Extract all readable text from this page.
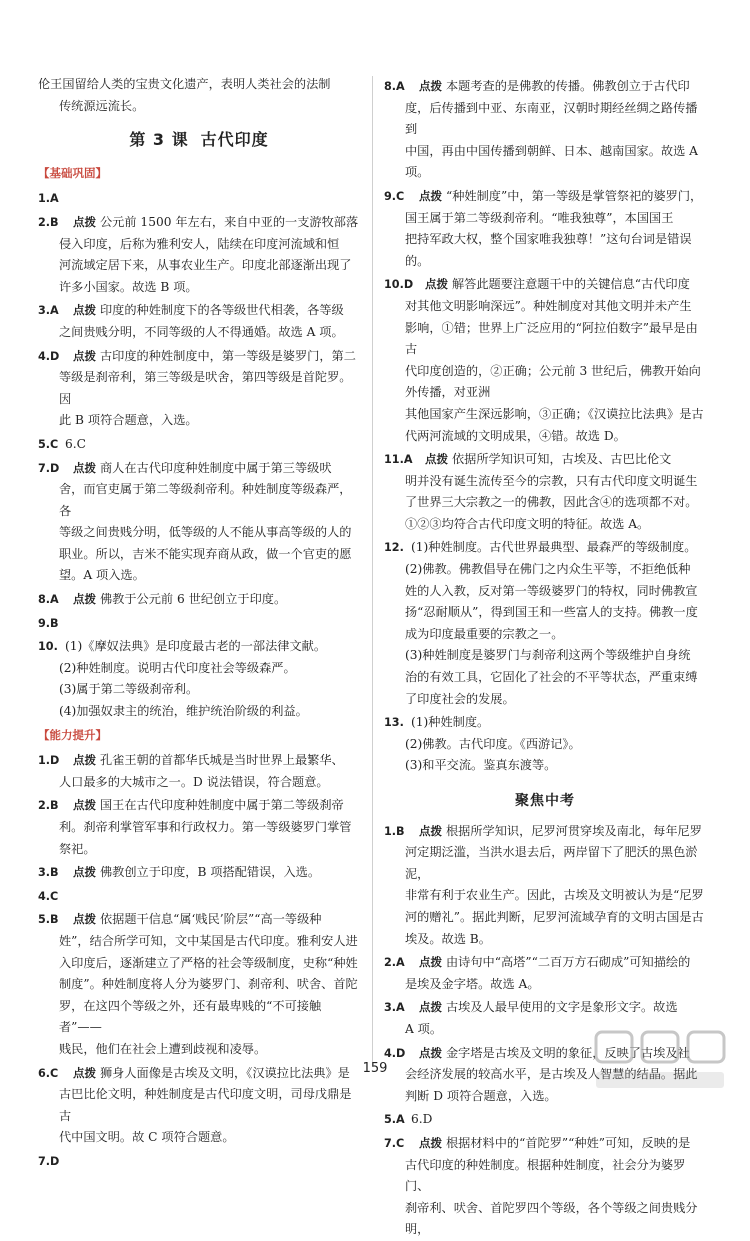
伦王国留给人类的宝贵文化遗产，表明人类社会的法制

传统源远流长。

第 3 课 古代印度
【基础巩固】

1.A

2.B 点拨 公元前 1500 年左右，来自中亚的一支游牧部落

侵入印度，后称为雅利安人，陆续在印度河流域和恒

河流域定居下来，从事农业生产。印度北部逐渐出现了

许多小国家。故选 B 项。

3.A 点拨 印度的种姓制度下的各等级世代相袭，各等级

之间贵贱分明，不同等级的人不得通婚。故选 A 项。

4.D 点拨 古印度的种姓制度中，第一等级是婆罗门，第二

等级是刹帝利，第三等级是吠舍，第四等级是首陀罗。因

此 B 项符合题意，入选。

5.C 6.C

7.D 点拨 商人在古代印度种姓制度中属于第三等级吠

舍，而官吏属于第二等级刹帝利。种姓制度等级森严，各

等级之间贵贱分明，低等级的人不能从事高等级的人的

职业。所以，吉米不能实现弃商从政，做一个官吏的愿

望。A 项入选。

8.A 点拨 佛教于公元前 6 世纪创立于印度。

9.B

10. (1)《摩奴法典》是印度最古老的一部法律文献。

(2)种姓制度。说明古代印度社会等级森严。

(3)属于第二等级刹帝利。

(4)加强奴隶主的统治，维护统治阶级的利益。

【能力提升】

1.D 点拨 孔雀王朝的首都华氏城是当时世界上最繁华、

人口最多的大城市之一。D 说法错误，符合题意。

2.B 点拨 国王在古代印度种姓制度中属于第二等级刹帝

利。刹帝利掌管军事和行政权力。第一等级婆罗门掌管

祭祀。

3.B 点拨 佛教创立于印度，B 项搭配错误，入选。

4.C

5.B 点拨 依据题干信息“属‘贱民’阶层”“高一等级种

姓”，结合所学可知，文中某国是古代印度。雅利安人进

入印度后，逐渐建立了严格的社会等级制度，史称“种姓

制度”。种姓制度将人分为婆罗门、刹帝利、吠舍、首陀

罗，在这四个等级之外，还有最卑贱的“不可接触者”——

贱民，他们在社会上遭到歧视和凌辱。

6.C 点拨 狮身人面像是古埃及文明，《汉谟拉比法典》是

古巴比伦文明，种姓制度是古代印度文明，司母戊鼎是古

代中国文明。故 C 项符合题意。

7.D

8.A 点拨 本题考查的是佛教的传播。佛教创立于古代印

度，后传播到中亚、东南亚，汉朝时期经丝绸之路传播到

中国，再由中国传播到朝鲜、日本、越南国家。故选 A 项。

9.C 点拨 “种姓制度”中，第一等级是掌管祭祀的婆罗门，

国王属于第二等级刹帝利。“唯我独尊”，本国国王

把持军政大权，整个国家唯我独尊！”这句台词是错误的。

10.D 点拨 解答此题要注意题干中的关键信息“古代印度

对其他文明影响深远”。种姓制度对其他文明并未产生

影响，①错；世界上广泛应用的“阿拉伯数字”最早是由古

代印度创造的，②正确；公元前 3 世纪后，佛教开始向外传播，对亚洲

其他国家产生深远影响，③正确；《汉谟拉比法典》是古

代两河流域的文明成果，④错。故选 D。

11.A 点拨 依据所学知识可知，古埃及、古巴比伦文

明并没有诞生流传至今的宗教，只有古代印度文明诞生

了世界三大宗教之一的佛教，因此含④的选项都不对。

①②③均符合古代印度文明的特征。故选 A。

12. (1)种姓制度。古代世界最典型、最森严的等级制度。

(2)佛教。佛教倡导在佛门之内众生平等，不拒绝低种

姓的人入教，反对第一等级婆罗门的特权，同时佛教宣

扬“忍耐顺从”，得到国王和一些富人的支持。佛教一度

成为印度最重要的宗教之一。

(3)种姓制度是婆罗门与刹帝利这两个等级维护自身统

治的有效工具，它固化了社会的不平等状态，严重束缚

了印度社会的发展。

13. (1)种姓制度。

(2)佛教。古代印度。《西游记》。

(3)和平交流。鉴真东渡等。

聚焦中考

1.B 点拨 根据所学知识，尼罗河贯穿埃及南北，每年尼罗

河定期泛滥，当洪水退去后，两岸留下了肥沃的黑色淤泥，

非常有利于农业生产。因此，古埃及文明被认为是“尼罗

河的赠礼”。据此判断，尼罗河流域孕育的文明古国是古

埃及。故选 B。

2.A 点拨 由诗句中“高塔”“二百万方石砌成”可知描绘的

是埃及金字塔。故选 A。

3.A 点拨 古埃及人最早使用的文字是象形文字。故选

A 项。

4.D 点拨 金字塔是古埃及文明的象征，反映了古埃及社

会经济发展的较高水平，是古埃及人智慧的结晶。据此

判断 D 项符合题意，入选。

5.A 6.D

7.C 点拨 根据材料中的“首陀罗”“种姓”可知，反映的是

古代印度的种姓制度。根据种姓制度，社会分为婆罗门、

刹帝利、吠舍、首陀罗四个等级，各个等级之间贵贱分明，

159
